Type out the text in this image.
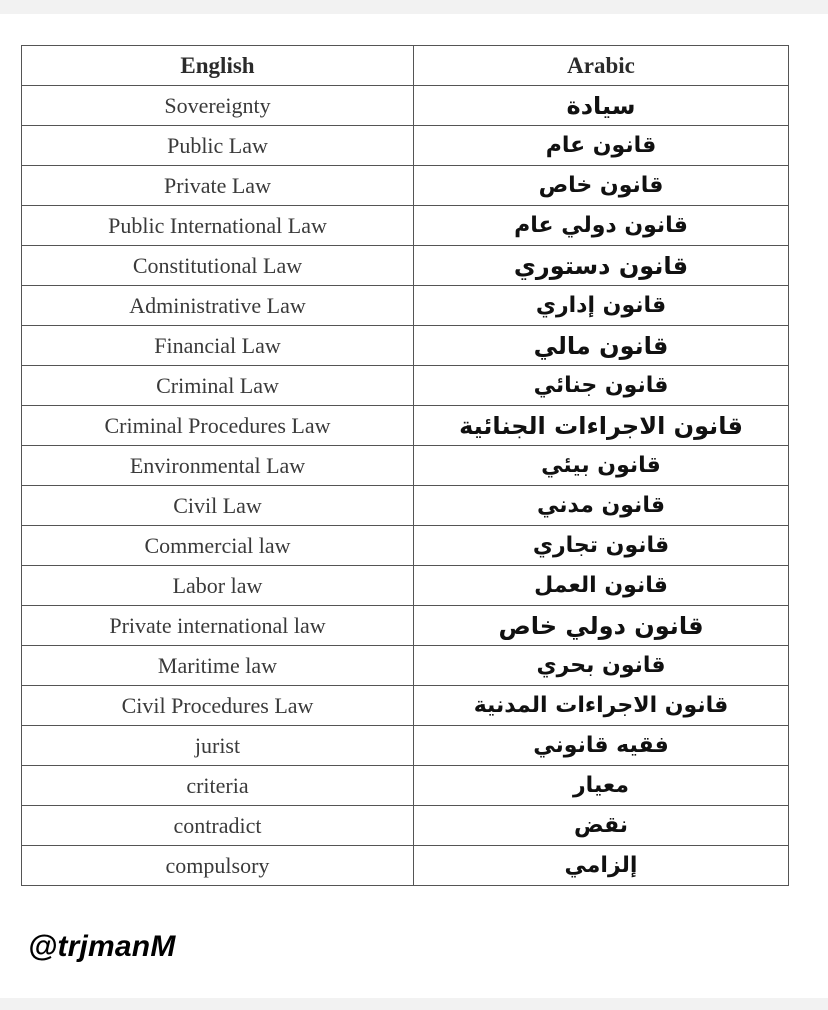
English	Arabic
Sovereignty	سيادة
Public Law	قانون عام
Private Law	قانون خاص
Public International Law	قانون دولي عام
Constitutional Law	قانون دستوري
Administrative Law	قانون إداري
Financial Law	قانون مالي
Criminal Law	قانون جنائي
Criminal Procedures Law	قانون الاجراءات الجنائية
Environmental Law	قانون بيئي
Civil Law	قانون مدني
Commercial law	قانون تجاري
Labor law	قانون العمل
Private international law	قانون دولي خاص
Maritime law	قانون بحري
Civil Procedures Law	قانون الاجراءات المدنية
jurist	فقيه قانوني
criteria	معيار
contradict	نقض
compulsory	إلزامي
@trjmanM
